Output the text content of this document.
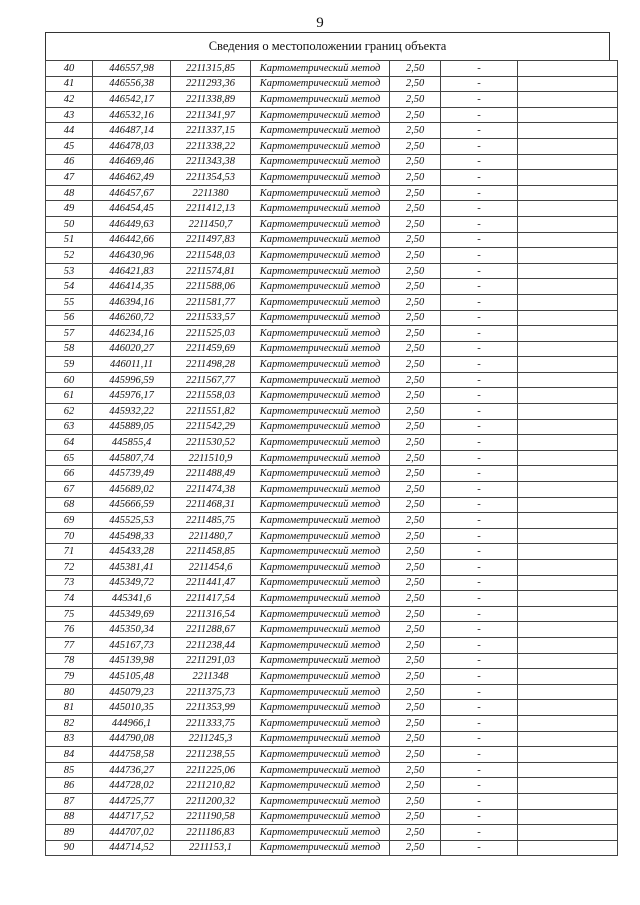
9
Сведения о местоположении границ объекта
40	446557,98	2211315,85	Картометрический метод	2,50	-	
41	446556,38	2211293,36	Картометрический метод	2,50	-	
42	446542,17	2211338,89	Картометрический метод	2,50	-	
43	446532,16	2211341,97	Картометрический метод	2,50	-	
44	446487,14	2211337,15	Картометрический метод	2,50	-	
45	446478,03	2211338,22	Картометрический метод	2,50	-	
46	446469,46	2211343,38	Картометрический метод	2,50	-	
47	446462,49	2211354,53	Картометрический метод	2,50	-	
48	446457,67	2211380	Картометрический метод	2,50	-	
49	446454,45	2211412,13	Картометрический метод	2,50	-	
50	446449,63	2211450,7	Картометрический метод	2,50	-	
51	446442,66	2211497,83	Картометрический метод	2,50	-	
52	446430,96	2211548,03	Картометрический метод	2,50	-	
53	446421,83	2211574,81	Картометрический метод	2,50	-	
54	446414,35	2211588,06	Картометрический метод	2,50	-	
55	446394,16	2211581,77	Картометрический метод	2,50	-	
56	446260,72	2211533,57	Картометрический метод	2,50	-	
57	446234,16	2211525,03	Картометрический метод	2,50	-	
58	446020,27	2211459,69	Картометрический метод	2,50	-	
59	446011,11	2211498,28	Картометрический метод	2,50	-	
60	445996,59	2211567,77	Картометрический метод	2,50	-	
61	445976,17	2211558,03	Картометрический метод	2,50	-	
62	445932,22	2211551,82	Картометрический метод	2,50	-	
63	445889,05	2211542,29	Картометрический метод	2,50	-	
64	445855,4	2211530,52	Картометрический метод	2,50	-	
65	445807,74	2211510,9	Картометрический метод	2,50	-	
66	445739,49	2211488,49	Картометрический метод	2,50	-	
67	445689,02	2211474,38	Картометрический метод	2,50	-	
68	445666,59	2211468,31	Картометрический метод	2,50	-	
69	445525,53	2211485,75	Картометрический метод	2,50	-	
70	445498,33	2211480,7	Картометрический метод	2,50	-	
71	445433,28	2211458,85	Картометрический метод	2,50	-	
72	445381,41	2211454,6	Картометрический метод	2,50	-	
73	445349,72	2211441,47	Картометрический метод	2,50	-	
74	445341,6	2211417,54	Картометрический метод	2,50	-	
75	445349,69	2211316,54	Картометрический метод	2,50	-	
76	445350,34	2211288,67	Картометрический метод	2,50	-	
77	445167,73	2211238,44	Картометрический метод	2,50	-	
78	445139,98	2211291,03	Картометрический метод	2,50	-	
79	445105,48	2211348	Картометрический метод	2,50	-	
80	445079,23	2211375,73	Картометрический метод	2,50	-	
81	445010,35	2211353,99	Картометрический метод	2,50	-	
82	444966,1	2211333,75	Картометрический метод	2,50	-	
83	444790,08	2211245,3	Картометрический метод	2,50	-	
84	444758,58	2211238,55	Картометрический метод	2,50	-	
85	444736,27	2211225,06	Картометрический метод	2,50	-	
86	444728,02	2211210,82	Картометрический метод	2,50	-	
87	444725,77	2211200,32	Картометрический метод	2,50	-	
88	444717,52	2211190,58	Картометрический метод	2,50	-	
89	444707,02	2211186,83	Картометрический метод	2,50	-	
90	444714,52	2211153,1	Картометрический метод	2,50	-	
